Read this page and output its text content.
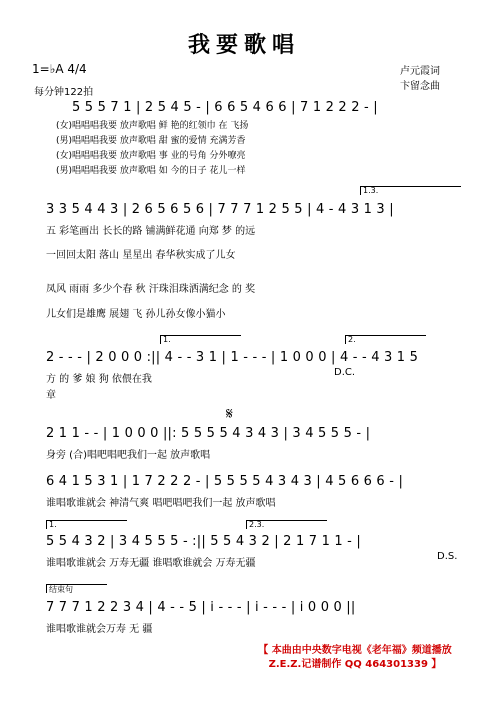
我要歌唱
1=♭A 4/4
每分钟122拍
卢元霞词
卞留念曲
5 5 5 7 1 | 2 5 4 5 - | 6 6 5 4 6 6 | 7 1 2 2 2 - |
(女)唱唱唱我要 放声歌唱 鲜 艳的红领巾 在 飞扬
(男)唱唱唱我要 放声歌唱 甜 蜜的爱情 充满芳香
(女)唱唱唱我要 放声歌唱 事 业的号角 分外嘹亮
(男)唱唱唱我要 放声歌唱 如 今的日子 花儿一样
1.3.
3 3 5 4 4 3 | 2 6 5 6 5 6 | 7 7 7 1 2 5 5 | 4 - 4 3 1 3 |
五 彩笔画出 长长的路 铺满鲜花通 向郑 梦 的远
一回回太阳 落山 星星出 春华秋实成了儿女
凤风 雨雨 多少个春 秋 汗珠泪珠洒满纪念 的 奖
儿女们是雄鹰 展翅 飞 孙儿孙女像小猫小
1.	2.
2 - - - | 2 0 0 0 :|| 4 - - 3 1 | 1 - - - | 1 0 0 0 | 4 - - 4 3 1 5
方 的 爹 娘 狗 依偎在我
章
D.C.
𝄋
2 1 1 - - | 1 0 0 0 ||: 5 5 5 5 4 3 4 3 | 3 4 5 5 5 - |
身旁 (合)唱吧唱吧我们一起 放声歌唱
6 4 1 5 3 1 | 1 7 2 2 2 - | 5 5 5 5 4 3 4 3 | 4 5 6 6 6 - |
谁唱歌谁就会 神清气爽 唱吧唱吧我们一起 放声歌唱
1.	2.3.
5 5 4 3 2 | 3 4 5 5 5 - :|| 5 5 4 3 2 | 2 1 7 1 1 - |
谁唱歌谁就会 万寿无疆 谁唱歌谁就会 万寿无疆
D.S.
结束句
7 7 7 1 2 2 3 4 | 4 - - 5 | i - - - | i - - - | i 0 0 0 ||
谁唱歌谁就会万寿 无 疆
【 本曲由中央数字电视《老年福》频道播放
Z.E.Z.记谱制作 QQ 464301339 】
